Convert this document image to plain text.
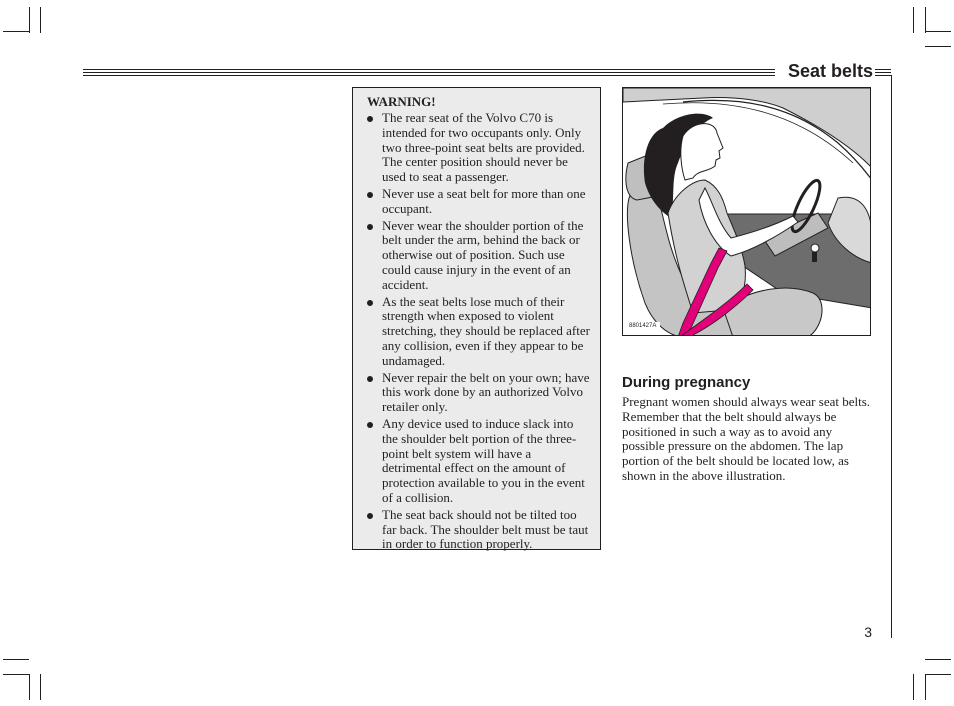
Seat belts
WARNING!
The rear seat of the Volvo C70 is intended for two occupants only. Only two three-point seat belts are provided. The center position should never be used to seat a passenger.
Never use a seat belt for more than one occupant.
Never wear the shoulder portion of the belt under the arm, behind the back or otherwise out of position. Such use could cause injury in the event of an accident.
As the seat belts lose much of their strength when exposed to violent stretching, they should be replaced after any collision, even if they appear to be undamaged.
Never repair the belt on your own; have this work done by an authorized Volvo retailer only.
Any device used to induce slack into the shoulder belt portion of the three-point belt system will have a detrimental effect on the amount of protection available to you in the event of a collision.
The seat back should not be tilted too far back. The shoulder belt must be taut in order to function properly.
8801427A
During pregnancy
Pregnant women should always wear seat belts. Remember that the belt should always be positioned in such a way as to avoid any possible pressure on the abdomen. The lap portion of the belt should be located low, as shown in the above illustration.
3
